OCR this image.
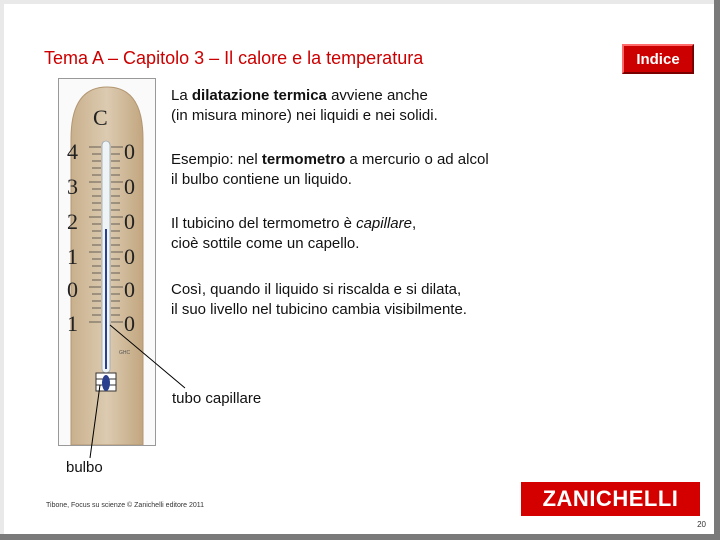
Tema A – Capitolo 3 – Il calore e la temperatura	Indice
C
4 0
3 0
2 0
1 0
0 0
1 0
GHC
La dilatazione termica avviene anche
(in misura minore) nei liquidi e nei solidi.
Esempio: nel termometro a mercurio o ad alcol
il bulbo contiene un liquido.
Il tubicino del termometro è capillare,
cioè sottile come un capello.
Così, quando il liquido si riscalda e si dilata,
il suo livello nel tubicino cambia visibilmente.
tubo capillare
bulbo
Tibone, Focus su scienze © Zanichelli editore 2011	ZANICHELLI
20
